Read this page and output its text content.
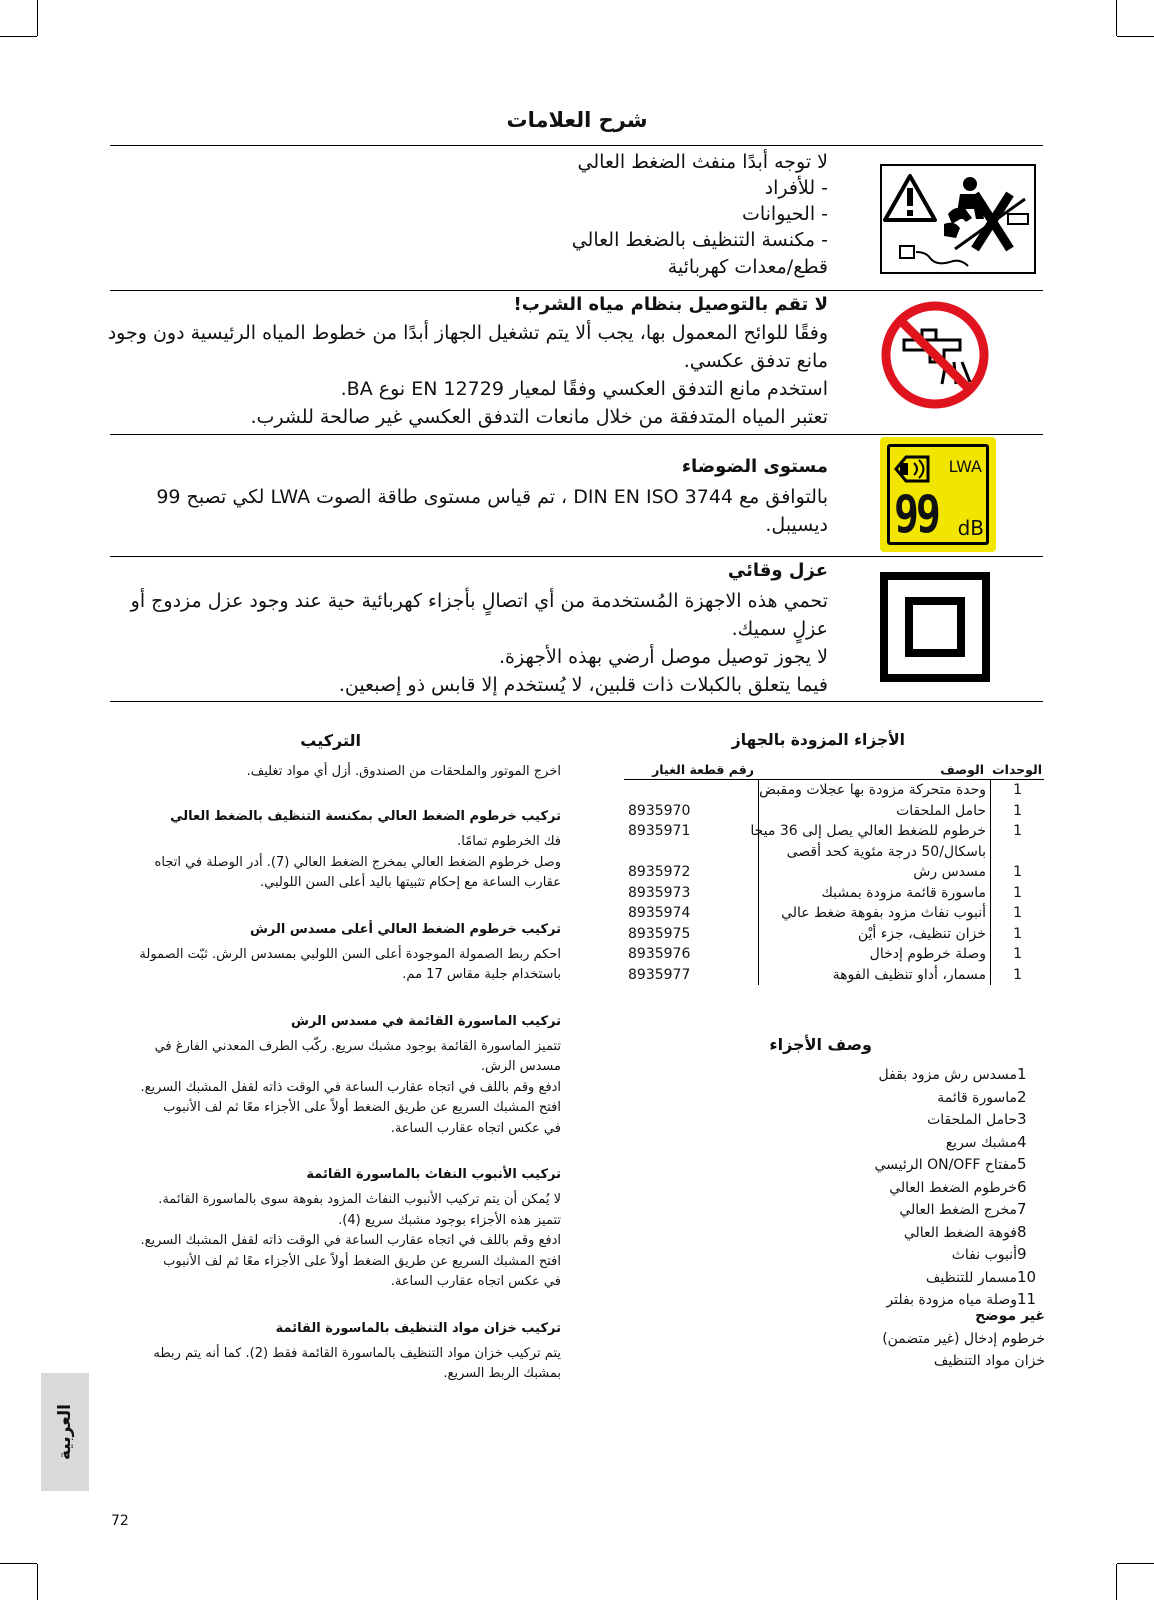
شرح العلامات
لا توجه أبدًا منفث الضغط العالي
- للأفراد
- الحيوانات
- مكنسة التنظيف بالضغط العالي
قطع/معدات كهربائية
لا تقم بالتوصيل بنظام مياه الشرب!
وفقًا للوائح المعمول بها، يجب ألا يتم تشغيل الجهاز أبدًا من خطوط المياه الرئيسية دون وجود
مانع تدفق عكسي.
استخدم مانع التدفق العكسي وفقًا لمعيار EN 12729 نوع BA.
تعتبر المياه المتدفقة من خلال مانعات التدفق العكسي غير صالحة للشرب.
مستوى الضوضاء
بالتوافق مع DIN EN ISO 3744 ، تم قياس مستوى طاقة الصوت LWA لكي تصبح 99
ديسيبل.
LWA
99 dB
عزل وقائي
تحمي هذه الاجهزة المُستخدمة من أي اتصالٍ بأجزاء كهربائية حية عند وجود عزل مزدوج أو
عزلٍ سميك.
لا يجوز توصيل موصل أرضي بهذه الأجهزة.
فيما يتعلق بالكبلات ذات قلبين، لا يُستخدم إلا قابس ذو إصبعين.
الأجزاء المزودة بالجهاز
الوحدات
الوصف
رقم قطعة الغيار
1
وحدة متحركة مزودة بها عجلات ومقبض
1
حامل الملحقات
8935970
1
خرطوم للضغط العالي يصل إلى 36 ميجا
8935971
باسكال/50 درجة مئوية كحد أقصى
1
مسدس رش
8935972
1
ماسورة قائمة مزودة بمشبك
8935973
1
أنبوب نفاث مزود بفوهة ضغط عالي
8935974
1
خزان تنظيف، جزء أيْن
8935975
1
وصلة خرطوم إدخال
8935976
1
مسمار، أداو تنظيف الفوهة
8935977
وصف الأجزاء
1مسدس رش مزود بقفل
2ماسورة قائمة
3حامل الملحقات
4مشبك سريع
5مفتاح ON/OFF الرئيسي
6خرطوم الضغط العالي
7مخرج الضغط العالي
8فوهة الضغط العالي
9أنبوب نفاث
10مسمار للتنظيف
11وصلة مياه مزودة بفلتر
غير موضح
خرطوم إدخال (غير متضمن)
خزان مواد التنظيف
التركيب
اخرج الموتور والملحقات من الصندوق. أزل أي مواد تغليف.
تركيب خرطوم الضغط العالي بمكنسة التنظيف بالضغط العالي
فك الخرطوم تمامًا.
وصل خرطوم الضغط العالي بمخرج الضغط العالي (7). أدر الوصلة في اتجاه
عقارب الساعة مع إحكام تثبيتها باليد أعلى السن اللولبي.
تركيب خرطوم الضغط العالي أعلى مسدس الرش
احكم ربط الصمولة الموجودة أعلى السن اللولبي بمسدس الرش. ثبّت الصمولة
باستخدام جلبة مقاس 17 مم.
تركيب الماسورة القائمة في مسدس الرش
تتميز الماسورة القائمة بوجود مشبك سريع. ركّب الطرف المعدني الفارغ في
مسدس الرش.
ادفع وقم باللف في اتجاه عقارب الساعة في الوقت ذاته لقفل المشبك السريع.
افتح المشبك السريع عن طريق الضغط أولاً على الأجزاء معًا ثم لف الأنبوب
في عكس اتجاه عقارب الساعة.
تركيب الأنبوب النفاث بالماسورة القائمة
لا يُمكن أن يتم تركيب الأنبوب النفاث المزود بفوهة سوى بالماسورة القائمة.
تتميز هذه الأجزاء بوجود مشبك سريع (4).
ادفع وقم باللف في اتجاه عقارب الساعة في الوقت ذاته لقفل المشبك السريع.
افتح المشبك السريع عن طريق الضغط أولاً على الأجزاء معًا ثم لف الأنبوب
في عكس اتجاه عقارب الساعة.
تركيب خزان مواد التنظيف بالماسورة القائمة
يتم تركيب خزان مواد التنظيف بالماسورة القائمة فقط (2). كما أنه يتم ربطه
بمشبك الربط السريع.
العربية
72
